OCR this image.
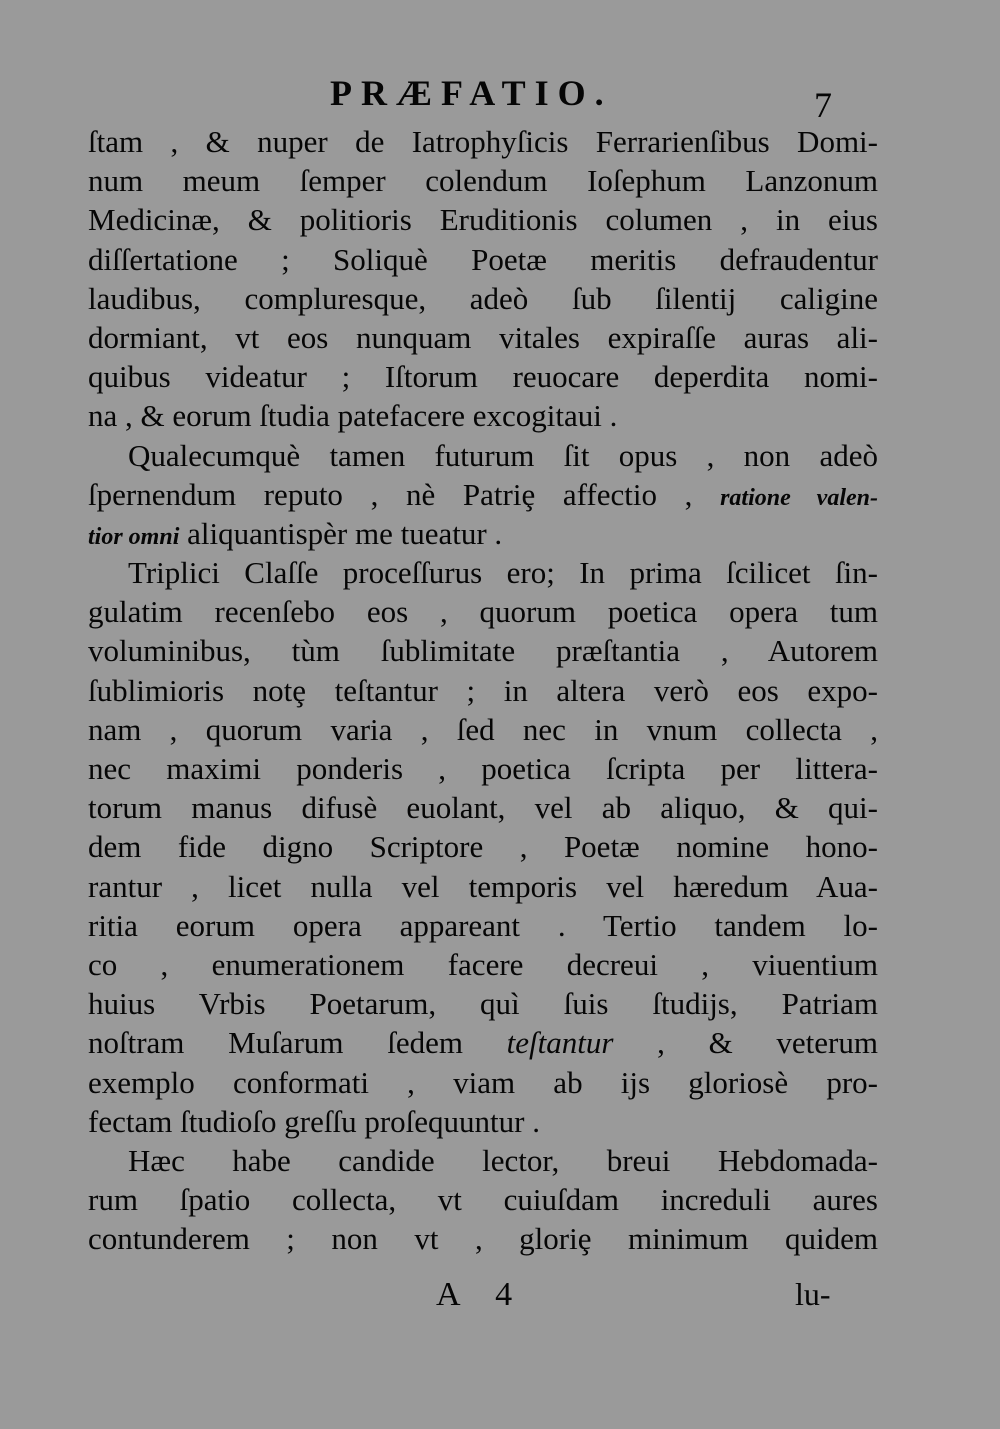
PRÆFATIO.	7
ſtam , & nuper de Iatrophyſicis Ferrarienſibus Domi-
num meum ſemper colendum Ioſephum Lanzonum
Medicinæ, & politioris Eruditionis columen , in eius
diſſertatione ; Soliquè Poetæ meritis defraudentur
laudibus, compluresque, adeò ſub ſilentij caligine
dormiant, vt eos nunquam vitales expiraſſe auras ali-
quibus videatur ; Iſtorum reuocare deperdita nomi-
na , & eorum ſtudia patefacere excogitaui .
Qualecumquè tamen futurum ſit opus , non adeò
ſpernendum reputo , nè Patriȩ affectio , ratione valen-
tior omni aliquantispèr me tueatur .
Triplici Claſſe proceſſurus ero; In prima ſcilicet ſin-
gulatim recenſebo eos , quorum poetica opera tum
voluminibus, tùm ſublimitate præſtantia , Autorem
ſublimioris notȩ teſtantur ; in altera verò eos expo-
nam , quorum varia , ſed nec in vnum collecta ,
nec maximi ponderis , poetica ſcripta per littera-
torum manus difusè euolant, vel ab aliquo, & qui-
dem fide digno Scriptore , Poetæ nomine hono-
rantur , licet nulla vel temporis vel hæredum Aua-
ritia eorum opera appareant . Tertio tandem lo-
co , enumerationem facere decreui , viuentium
huius Vrbis Poetarum, quì ſuis ſtudijs, Patriam
noſtram Muſarum ſedem teſtantur , & veterum
exemplo conformati , viam ab ijs gloriosè pro-
fectam ſtudioſo greſſu proſequuntur .
Hæc habe candide lector, breui Hebdomada-
rum ſpatio collecta, vt cuiuſdam increduli aures
contunderem ; non vt , gloriȩ minimum quidem
A 4	lu-
